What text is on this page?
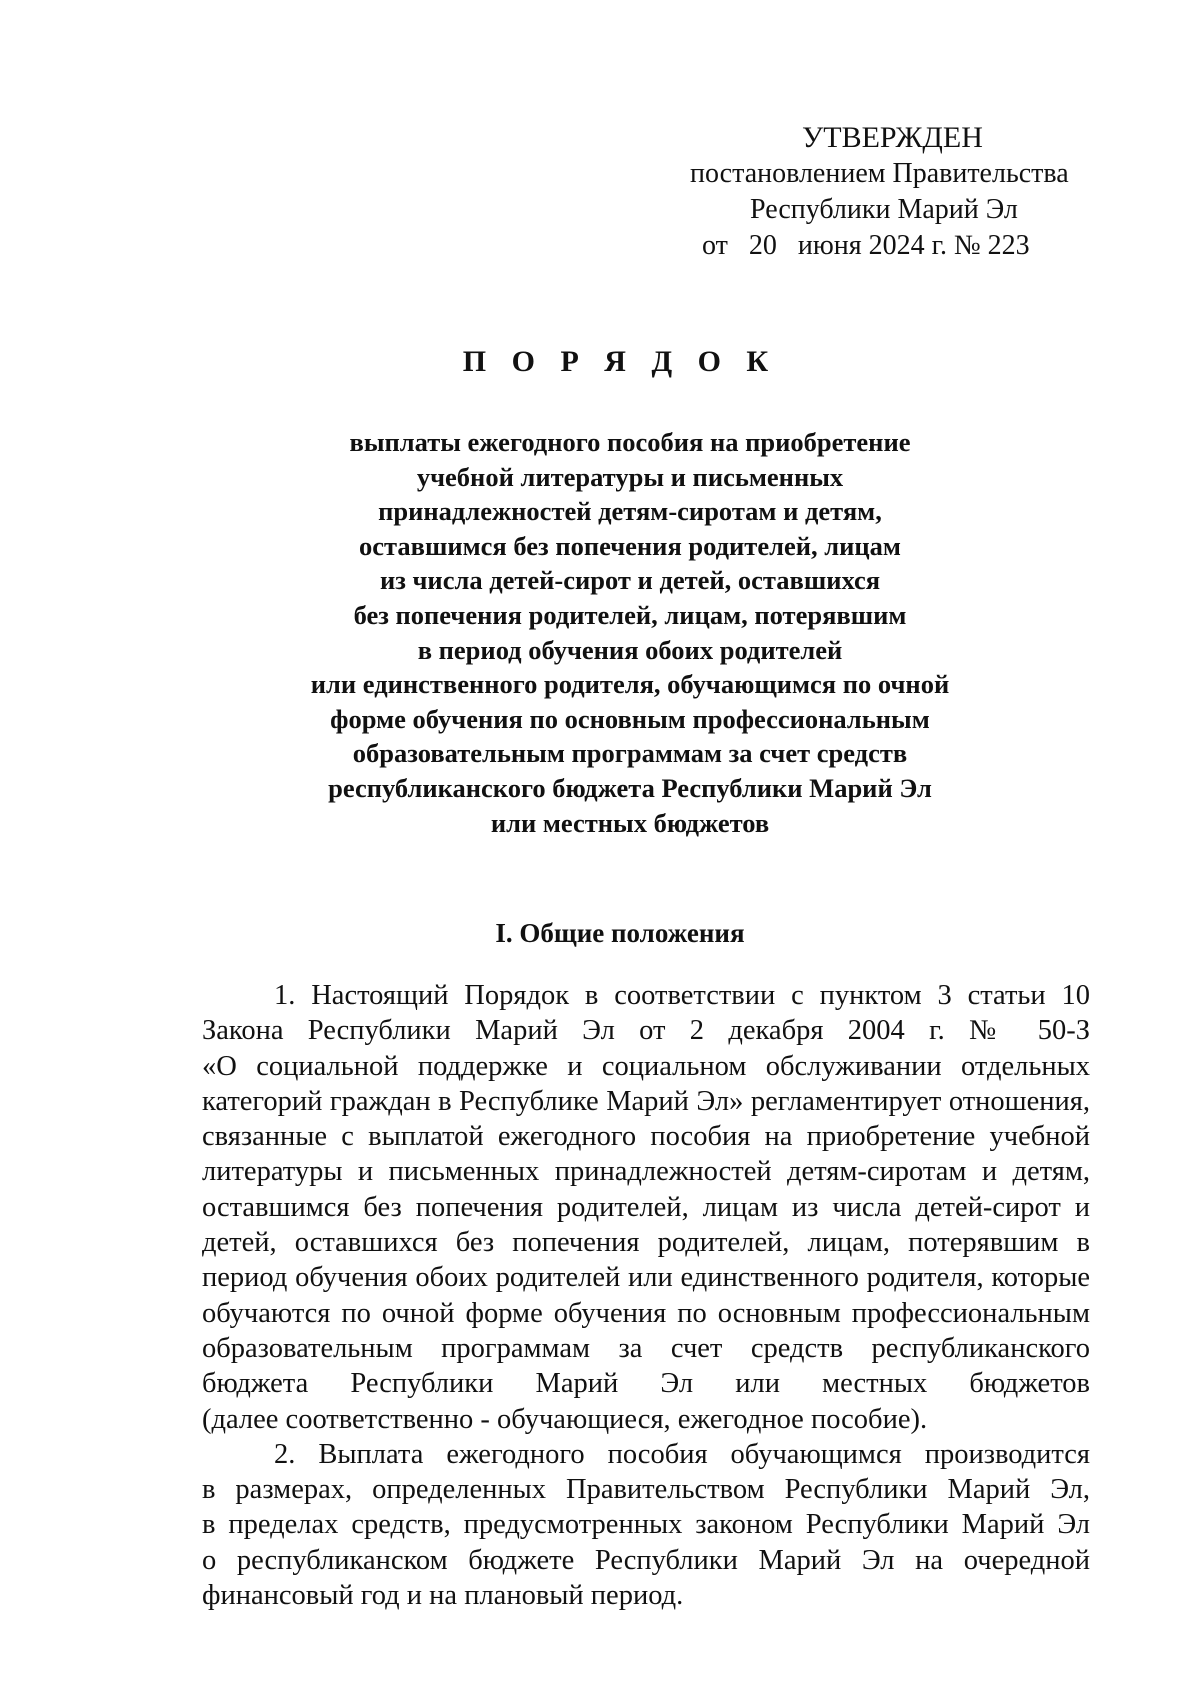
УТВЕРЖДЕН
постановлением Правительства
Республики Марий Эл
от   20   июня 2024 г. № 223
П О Р Я Д О К
выплаты ежегодного пособия на приобретение
учебной литературы и письменных
принадлежностей детям-сиротам и детям,
оставшимся без попечения родителей, лицам
из числа детей-сирот и детей, оставшихся
без попечения родителей, лицам, потерявшим
в период обучения обоих родителей
или единственного родителя, обучающимся по очной
форме обучения по основным профессиональным
образовательным программам за счет средств
республиканского бюджета Республики Марий Эл
или местных бюджетов
I. Общие положения
1. Настоящий Порядок в соответствии с пунктом 3 статьи 10
Закона Республики Марий Эл от 2 декабря 2004 г. № 50-З
«О социальной поддержке и социальном обслуживании отдельных
категорий граждан в Республике Марий Эл» регламентирует отношения,
связанные с выплатой ежегодного пособия на приобретение учебной
литературы и письменных принадлежностей детям-сиротам и детям,
оставшимся без попечения родителей, лицам из числа детей-сирот и
детей, оставшихся без попечения родителей, лицам, потерявшим в
период обучения обоих родителей или единственного родителя, которые
обучаются по очной форме обучения по основным профессиональным
образовательным программам за счет средств республиканского
бюджета Республики Марий Эл или местных бюджетов
(далее соответственно - обучающиеся, ежегодное пособие).
2. Выплата ежегодного пособия обучающимся производится
в размерах, определенных Правительством Республики Марий Эл,
в пределах средств, предусмотренных законом Республики Марий Эл
о республиканском бюджете Республики Марий Эл на очередной
финансовый год и на плановый период.
